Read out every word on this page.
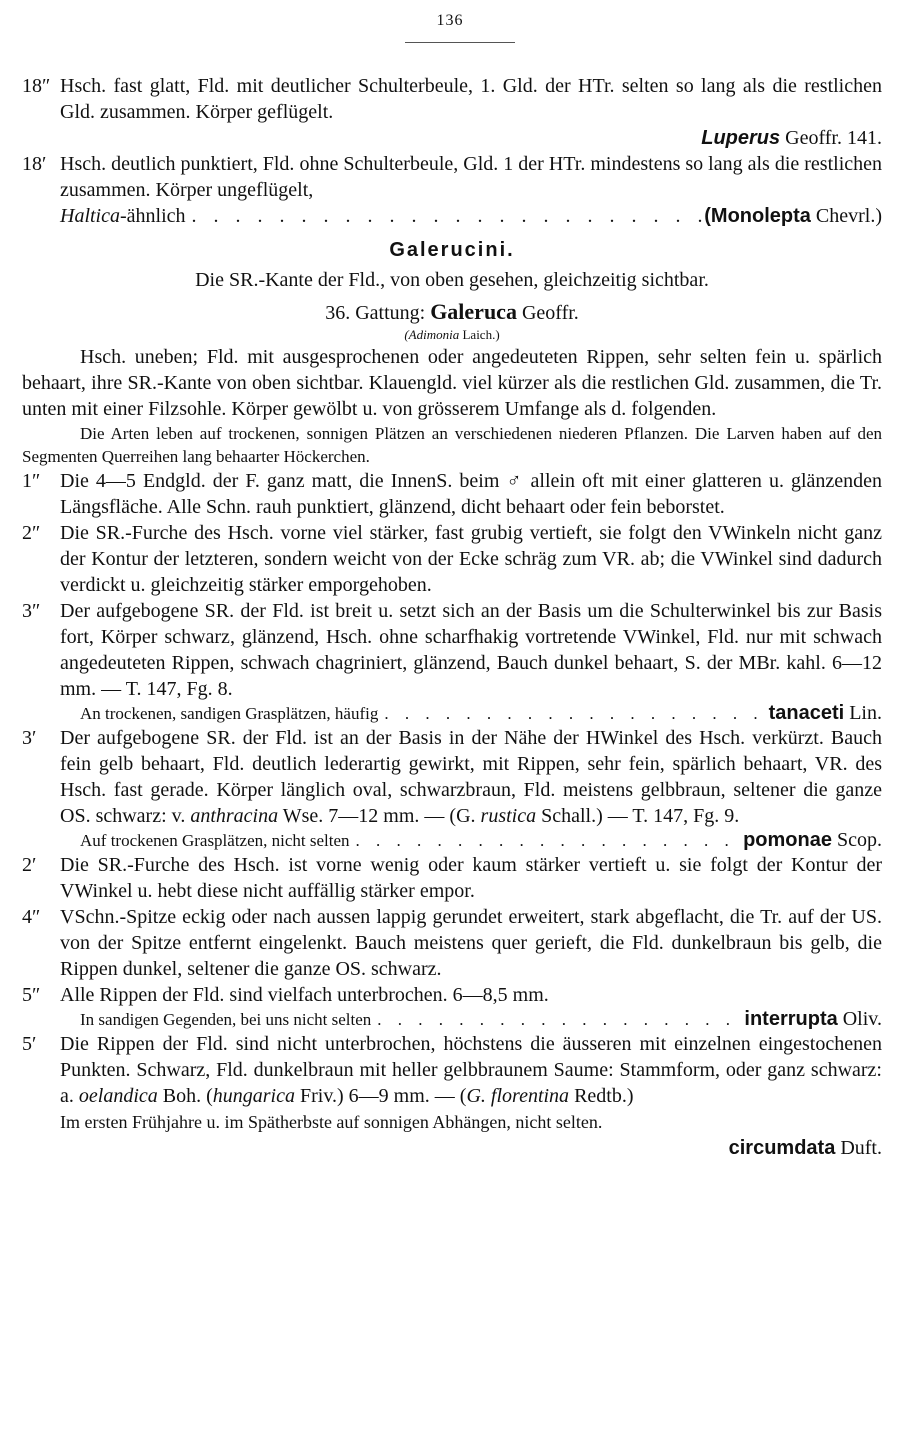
136
18″ Hsch. fast glatt, Fld. mit deutlicher Schulterbeule, 1. Gld. der HTr. selten so lang als die restlichen Gld. zusammen. Körper geflügelt.
Luperus Geoffr. 141.
18′ Hsch. deutlich punktiert, Fld. ohne Schulterbeule, Gld. 1 der HTr. mindestens so lang als die restlichen zusammen. Körper ungeflügelt,
Haltica-ähnlich . . .	(Monolepta Chevrl.)
Galerucini.
Die SR.-Kante der Fld., von oben gesehen, gleichzeitig sichtbar.
36. Gattung: Galeruca Geoffr.
(Adimonia Laich.)
Hsch. uneben; Fld. mit ausgesprochenen oder angedeuteten Rippen, sehr selten fein u. spärlich behaart, ihre SR.-Kante von oben sichtbar. Klauengld. viel kürzer als die restlichen Gld. zusammen, die Tr. unten mit einer Filzsohle. Körper gewölbt u. von grösserem Umfange als d. folgenden.
Die Arten leben auf trockenen, sonnigen Plätzen an verschiedenen niederen Pflanzen. Die Larven haben auf den Segmenten Querreihen lang behaarter Höckerchen.
1″ Die 4—5 Endgld. der F. ganz matt, die InnenS. beim ♂ allein oft mit einer glatteren u. glänzenden Längsfläche. Alle Schn. rauh punktiert, glänzend, dicht behaart oder fein beborstet.
2″ Die SR.-Furche des Hsch. vorne viel stärker, fast grubig vertieft, sie folgt den VWinkeln nicht ganz der Kontur der letzteren, sondern weicht von der Ecke schräg zum VR. ab; die VWinkel sind dadurch verdickt u. gleichzeitig stärker emporgehoben.
3″ Der aufgebogene SR. der Fld. ist breit u. setzt sich an der Basis um die Schulterwinkel bis zur Basis fort, Körper schwarz, glänzend, Hsch. ohne scharfhakig vortretende VWinkel, Fld. nur mit schwach angedeuteten Rippen, schwach chagriniert, glänzend, Bauch dunkel behaart, S. der MBr. kahl. 6—12 mm. — T. 147, Fg. 8.
An trockenen, sandigen Grasplätzen, häufig . . .	tanaceti Lin.
3′ Der aufgebogene SR. der Fld. ist an der Basis in der Nähe der HWinkel des Hsch. verkürzt. Bauch fein gelb behaart, Fld. deutlich lederartig gewirkt, mit Rippen, sehr fein, spärlich behaart, VR. des Hsch. fast gerade. Körper länglich oval, schwarzbraun, Fld. meistens gelbbraun, seltener die ganze OS. schwarz: v. anthracina Wse. 7—12 mm. — (G. rustica Schall.) — T. 147, Fg. 9.
Auf trockenen Grasplätzen, nicht selten . . .	pomonae Scop.
2′ Die SR.-Furche des Hsch. ist vorne wenig oder kaum stärker vertieft u. sie folgt der Kontur der VWinkel u. hebt diese nicht auffällig stärker empor.
4″ VSchn.-Spitze eckig oder nach aussen lappig gerundet erweitert, stark abgeflacht, die Tr. auf der US. von der Spitze entfernt eingelenkt. Bauch meistens quer gerieft, die Fld. dunkelbraun bis gelb, die Rippen dunkel, seltener die ganze OS. schwarz.
5″ Alle Rippen der Fld. sind vielfach unterbrochen. 6—8,5 mm.
In sandigen Gegenden, bei uns nicht selten . . .	interrupta Oliv.
5′ Die Rippen der Fld. sind nicht unterbrochen, höchstens die äusseren mit einzelnen eingestochenen Punkten. Schwarz, Fld. dunkelbraun mit heller gelbbraunem Saume: Stammform, oder ganz schwarz: a. oelandica Boh. (hungarica Friv.) 6—9 mm. — (G. florentina Redtb.)
Im ersten Frühjahre u. im Spätherbste auf sonnigen Abhängen, nicht selten.
circumdata Duft.
